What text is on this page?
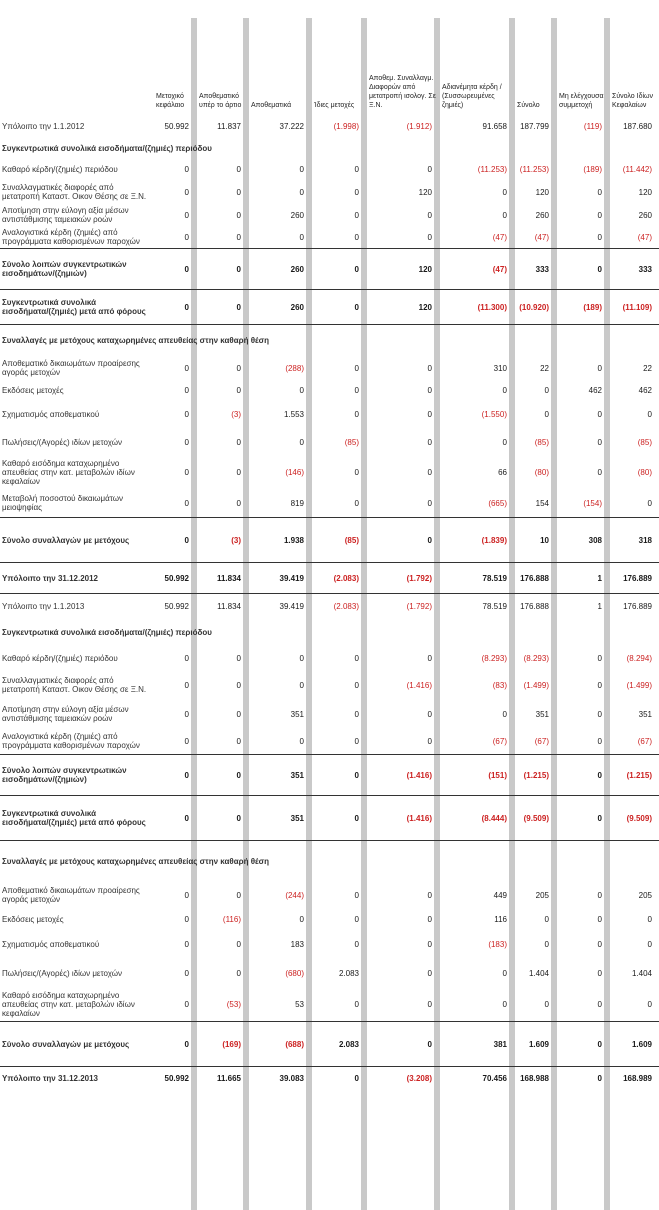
	Μετοχικό κεφάλαιο	Αποθεματικό υπέρ το άρτιο	Αποθεματικά	Ίδιες μετοχές	Αποθεμ. Συναλλαγμ. Διαφορών από μετατροπή ισολογ. Σε Ξ.Ν.	Αδιανέμητα κέρδη / (Συσσωρευμένες ζημιές)	Σύνολο	Μη ελέγχουσα συμμετοχή	Σύνολο Ιδίων Κεφαλαίων
Υπόλοιπο την 1.1.2012	50.992	11.837	37.222	(1.998)	(1.912)	91.658	187.799	(119)	187.680
Συγκεντρωτικά συνολικά εισοδήματα/(ζημιές) περιόδου									
Καθαρό κέρδη/(ζημιές) περιόδου	0	0	0	0	0	(11.253)	(11.253)	(189)	(11.442)
Συναλλαγματικές διαφορές από μετατροπή Καταστ. Οικον Θέσης σε Ξ.Ν.	0	0	0	0	120	0	120	0	120
Αποτίμηση στην εύλογη αξία μέσων αντιστάθμισης ταμειακών ροών	0	0	260	0	0	0	260	0	260
Αναλογιστικά κέρδη (ζημιές) από προγράμματα καθορισμένων παροχών	0	0	0	0	0	(47)	(47)	0	(47)
Σύνολο λοιπών συγκεντρωτικών εισοδημάτων/(ζημιών)	0	0	260	0	120	(47)	333	0	333
Συγκεντρωτικά συνολικά εισοδήματα/(ζημιές) μετά από φόρους	0	0	260	0	120	(11.300)	(10.920)	(189)	(11.109)
Συναλλαγές με μετόχους καταχωρημένες απευθείας στην καθαρή θέση									
Αποθεματικό δικαιωμάτων προαίρεσης αγοράς μετοχών	0	0	(288)	0	0	310	22	0	22
Εκδόσεις μετοχές	0	0	0	0	0	0	0	462	462
Σχηματισμός αποθεματικού	0	(3)	1.553	0	0	(1.550)	0	0	0
Πωλήσεις/(Αγορές) ιδίων μετοχών	0	0	0	(85)	0	0	(85)	0	(85)
Καθαρό εισόδημα καταχωρημένο απευθείας στην κατ. μεταβολών ιδίων κεφαλαίων	0	0	(146)	0	0	66	(80)	0	(80)
Μεταβολή ποσοστού δικαιωμάτων μειοψηφίας	0	0	819	0	0	(665)	154	(154)	0
Σύνολο συναλλαγών με μετόχους	0	(3)	1.938	(85)	0	(1.839)	10	308	318
Υπόλοιπο την 31.12.2012	50.992	11.834	39.419	(2.083)	(1.792)	78.519	176.888	1	176.889
Υπόλοιπο την 1.1.2013	50.992	11.834	39.419	(2.083)	(1.792)	78.519	176.888	1	176.889
Συγκεντρωτικά συνολικά εισοδήματα/(ζημιές) περιόδου									
Καθαρό κέρδη/(ζημιές) περιόδου	0	0	0	0	0	(8.293)	(8.293)	0	(8.294)
Συναλλαγματικές διαφορές από μετατροπή Καταστ. Οικον Θέσης σε Ξ.Ν.	0	0	0	0	(1.416)	(83)	(1.499)	0	(1.499)
Αποτίμηση στην εύλογη αξία μέσων αντιστάθμισης ταμειακών ροών	0	0	351	0	0	0	351	0	351
Αναλογιστικά κέρδη (ζημιές) από προγράμματα καθορισμένων παροχών	0	0	0	0	0	(67)	(67)	0	(67)
Σύνολο λοιπών συγκεντρωτικών εισοδημάτων/(ζημιών)	0	0	351	0	(1.416)	(151)	(1.215)	0	(1.215)
Συγκεντρωτικά συνολικά εισοδήματα/(ζημιές) μετά από φόρους	0	0	351	0	(1.416)	(8.444)	(9.509)	0	(9.509)
Συναλλαγές με μετόχους καταχωρημένες απευθείας στην καθαρή θέση									
Αποθεματικό δικαιωμάτων προαίρεσης αγοράς μετοχών	0	0	(244)	0	0	449	205	0	205
Εκδόσεις μετοχές	0	(116)	0	0	0	116	0	0	0
Σχηματισμός αποθεματικού	0	0	183	0	0	(183)	0	0	0
Πωλήσεις/(Αγορές) ιδίων μετοχών	0	0	(680)	2.083	0	0	1.404	0	1.404
Καθαρό εισόδημα καταχωρημένο απευθείας στην κατ. μεταβολών ιδίων κεφαλαίων	0	(53)	53	0	0	0	0	0	0
Σύνολο συναλλαγών με μετόχους	0	(169)	(688)	2.083	0	381	1.609	0	1.609
Υπόλοιπο την 31.12.2013	50.992	11.665	39.083	0	(3.208)	70.456	168.988	0	168.989
